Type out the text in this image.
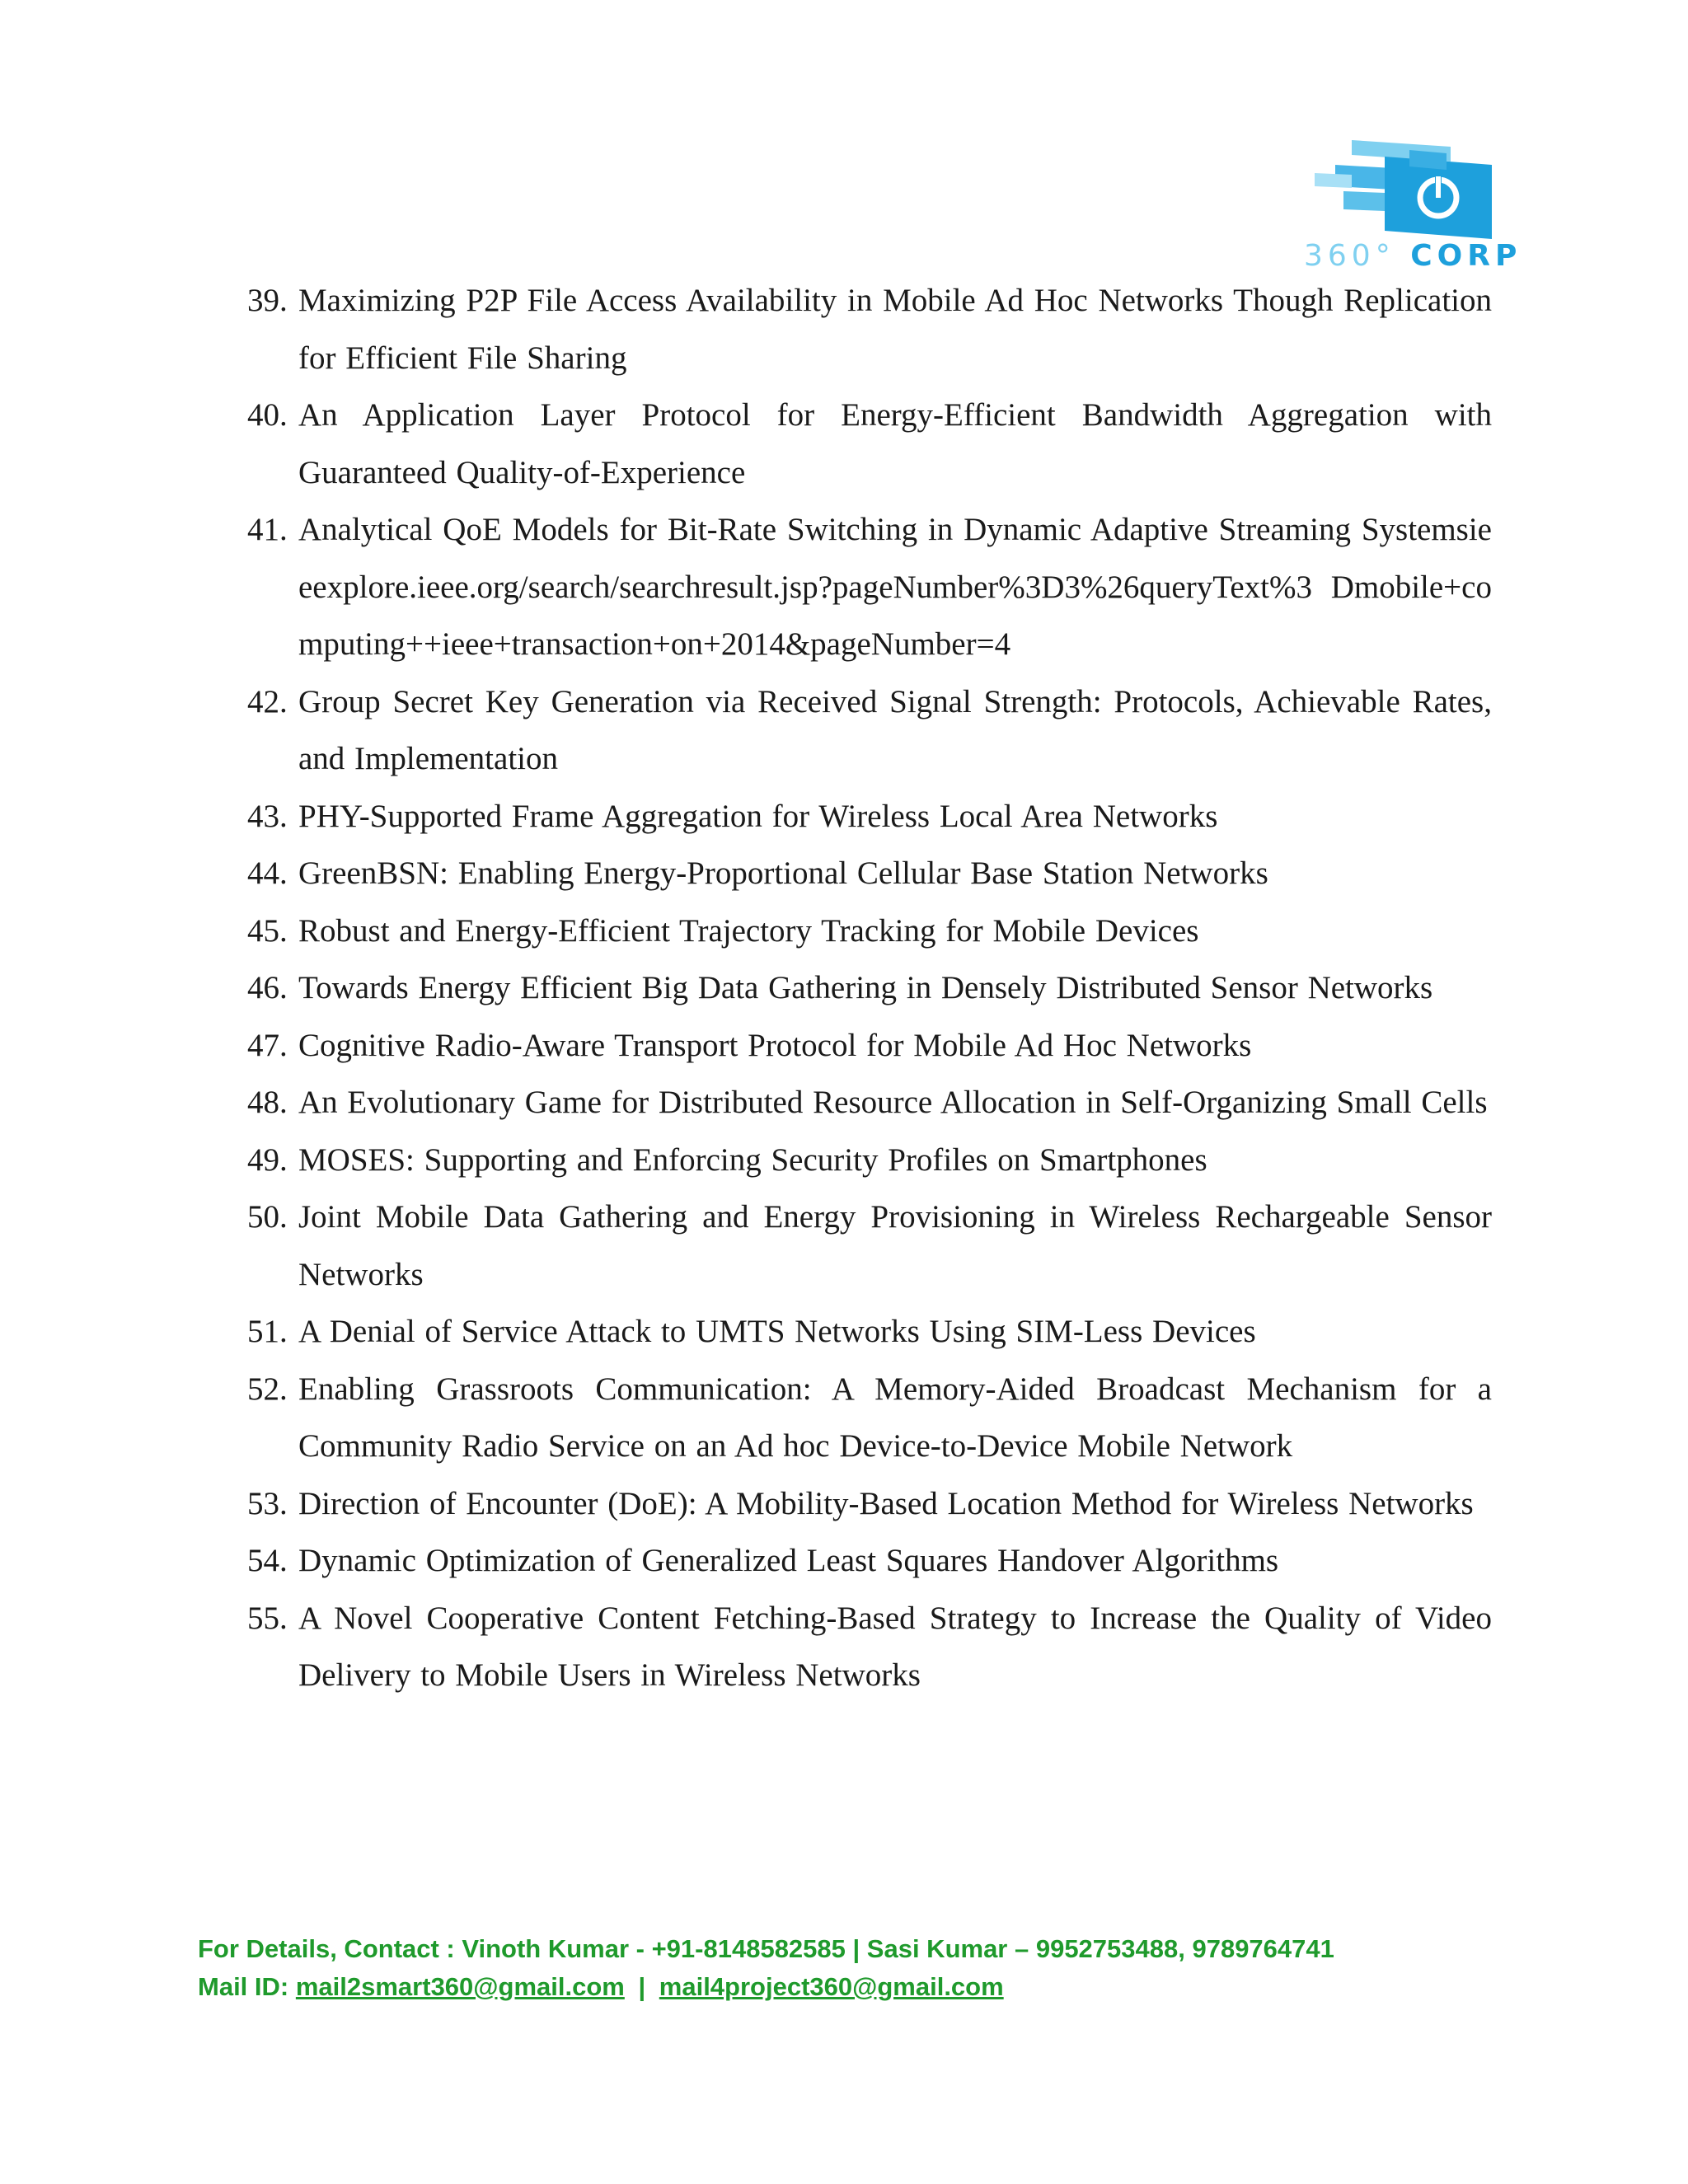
360° CORP
39. Maximizing P2P File Access Availability in Mobile Ad Hoc Networks Though Replication for Efficient File Sharing
40. An Application Layer Protocol for Energy-Efficient Bandwidth Aggregation with Guaranteed Quality-of-Experience
41. Analytical QoE Models for Bit-Rate Switching in Dynamic Adaptive Streaming Systemsieeexplore.ieee.org/search/searchresult.jsp?pageNumber%3D3%26queryText%3 Dmobile+computing++ieee+transaction+on+2014&pageNumber=4
42. Group Secret Key Generation via Received Signal Strength: Protocols, Achievable Rates, and Implementation
43. PHY-Supported Frame Aggregation for Wireless Local Area Networks
44. GreenBSN: Enabling Energy-Proportional Cellular Base Station Networks
45. Robust and Energy-Efficient Trajectory Tracking for Mobile Devices
46. Towards Energy Efficient Big Data Gathering in Densely Distributed Sensor Networks
47. Cognitive Radio-Aware Transport Protocol for Mobile Ad Hoc Networks
48. An Evolutionary Game for Distributed Resource Allocation in Self-Organizing Small Cells
49. MOSES: Supporting and Enforcing Security Profiles on Smartphones
50. Joint Mobile Data Gathering and Energy Provisioning in Wireless Rechargeable Sensor Networks
51. A Denial of Service Attack to UMTS Networks Using SIM-Less Devices
52. Enabling Grassroots Communication: A Memory-Aided Broadcast Mechanism for a Community Radio Service on an Ad hoc Device-to-Device Mobile Network
53. Direction of Encounter (DoE): A Mobility-Based Location Method for Wireless Networks
54. Dynamic Optimization of Generalized Least Squares Handover Algorithms
55. A Novel Cooperative Content Fetching-Based Strategy to Increase the Quality of Video Delivery to Mobile Users in Wireless Networks
For Details, Contact : Vinoth Kumar - +91-8148582585 | Sasi Kumar – 9952753488, 9789764741
Mail ID: mail2smart360@gmail.com | mail4project360@gmail.com
